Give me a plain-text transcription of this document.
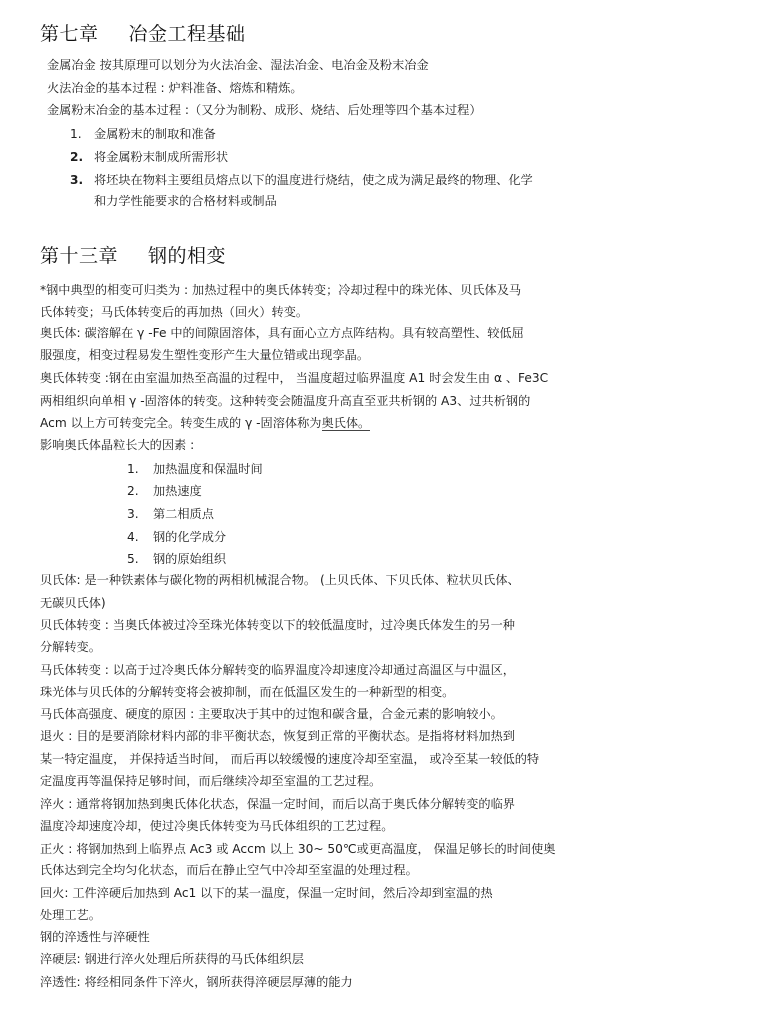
第七章 冶金工程基础
金属冶金 按其原理可以划分为火法冶金、湿法冶金、电冶金及粉末冶金
火法冶金的基本过程 : 炉料准备、熔炼和精炼。
金属粉末冶金的基本过程 :（又分为制粉、成形、烧结、后处理等四个基本过程）
1. 金属粉末的制取和准备
2. 将金属粉末制成所需形状
3. 将坯块在物料主要组员熔点以下的温度进行烧结，使之成为满足最终的物理、化学
和力学性能要求的合格材料或制品
第十三章 钢的相变
*钢中典型的相变可归类为 : 加热过程中的奥氏体转变；冷却过程中的珠光体、贝氏体及马
氏体转变；马氏体转变后的再加热（回火）转变。
奥氏体: 碳溶解在 γ -Fe 中的间隙固溶体，具有面心立方点阵结构。具有较高塑性、较低屈
服强度，相变过程易发生塑性变形产生大量位错或出现孪晶。
奥氏体转变 :钢在由室温加热至高温的过程中， 当温度超过临界温度 A1 时会发生由 α 、Fe3C
两相组织向单相 γ -固溶体的转变。这种转变会随温度升高直至亚共析钢的 A3、过共析钢的
Acm 以上方可转变完全。转变生成的 γ -固溶体称为奥氏体。
影响奥氏体晶粒长大的因素 :
1. 加热温度和保温时间
2. 加热速度
3. 第二相质点
4. 钢的化学成分
5. 钢的原始组织
贝氏体: 是一种铁素体与碳化物的两相机械混合物。 (上贝氏体、下贝氏体、粒状贝氏体、
无碳贝氏体)
贝氏体转变 : 当奥氏体被过冷至珠光体转变以下的较低温度时，过冷奥氏体发生的另一种
分解转变。
马氏体转变 : 以高于过冷奥氏体分解转变的临界温度冷却速度冷却通过高温区与中温区，
珠光体与贝氏体的分解转变将会被抑制，而在低温区发生的一种新型的相变。
马氏体高强度、硬度的原因 : 主要取决于其中的过饱和碳含量，合金元素的影响较小。
退火 : 目的是要消除材料内部的非平衡状态，恢复到正常的平衡状态。是指将材料加热到
某一特定温度， 并保持适当时间， 而后再以较缓慢的速度冷却至室温， 或冷至某一较低的特
定温度再等温保持足够时间，而后继续冷却至室温的工艺过程。
淬火 : 通常将钢加热到奥氏体化状态，保温一定时间，而后以高于奥氏体分解转变的临界
温度冷却速度冷却，使过冷奥氏体转变为马氏体组织的工艺过程。
正火 : 将钢加热到上临界点 Ac3 或 Accm 以上 30~ 50℃或更高温度， 保温足够长的时间使奥
氏体达到完全均匀化状态，而后在静止空气中冷却至室温的处理过程。
回火: 工件淬硬后加热到 Ac1 以下的某一温度，保温一定时间，然后冷却到室温的热
处理工艺。
钢的淬透性与淬硬性
淬硬层: 钢进行淬火处理后所获得的马氏体组织层
淬透性: 将经相同条件下淬火，钢所获得淬硬层厚薄的能力
